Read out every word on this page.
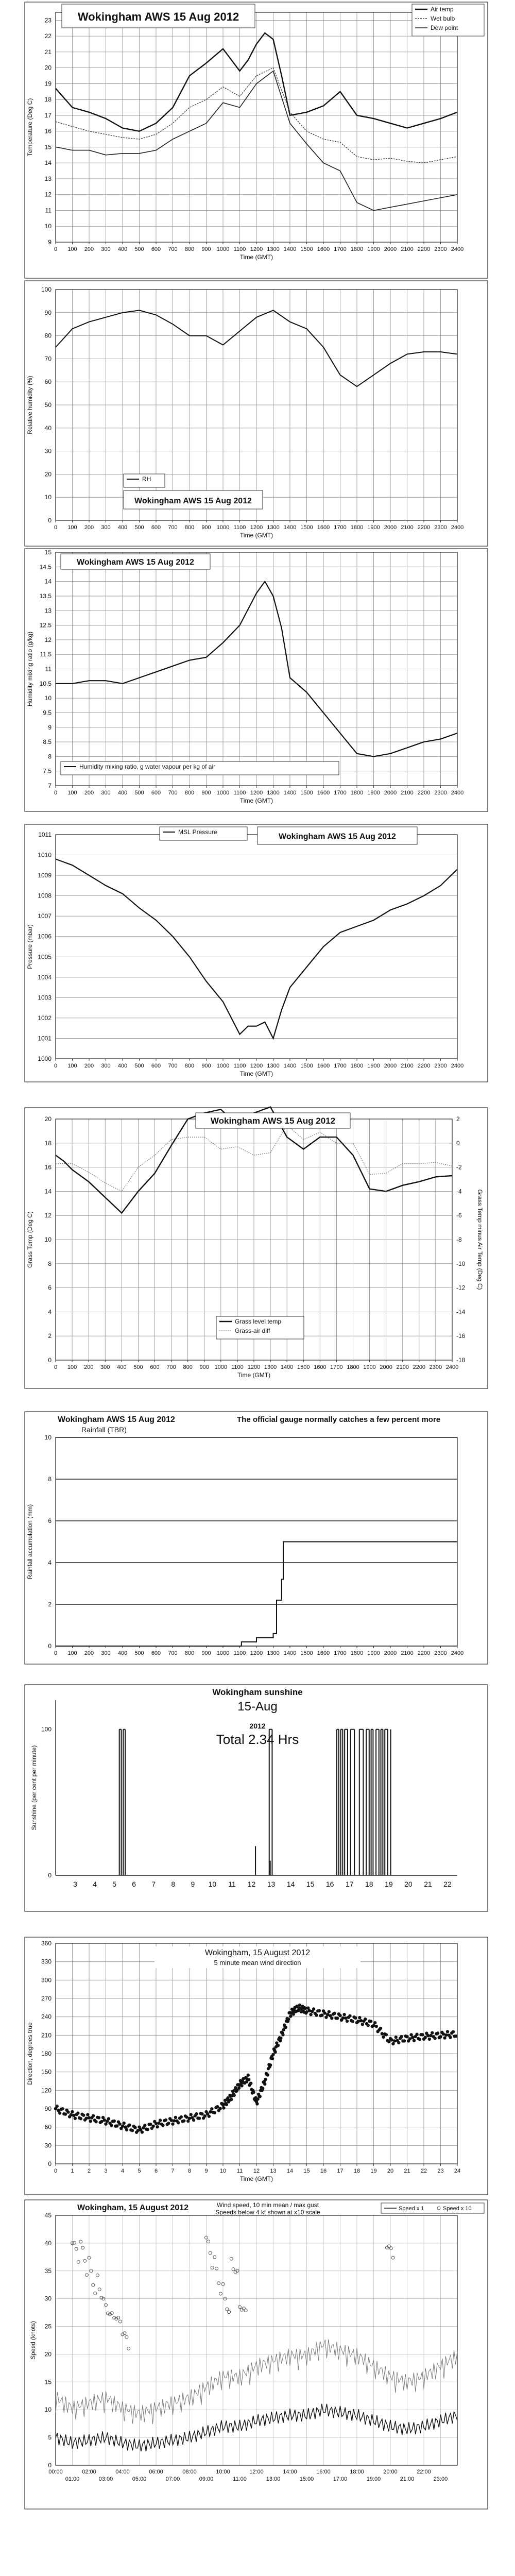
9
10
11
12
13
14
15
16
17
18
19
20
21
22
23
0 100 200 300 400 500 600 700 800 900 1000 1100 1200 1300 1400 1500 1600 1700 1800 1900 2000 2100 2200 2300 2400
Time (GMT)
Temperature (Deg C)
Wokingham AWS 15 Aug 2012
Air temp
Wet bulb
Dew point
0
10
20
30
40
50
60
70
80
90
100
0 100 200 300 400 500 600 700 800 900 1000 1100 1200 1300 1400 1500 1600 1700 1800 1900 2000 2100 2200 2300 2400
Time (GMT)
Relative humidity (%)
RH
Wokingham AWS 15 Aug 2012
7
7.5
8
8.5
9
9.5
10
10.5
11
11.5
12
12.5
13
13.5
14
14.5
15
0 100 200 300 400 500 600 700 800 900 1000 1100 1200 1300 1400 1500 1600 1700 1800 1900 2000 2100 2200 2300 2400
Time (GMT)
Humidity mixing ratio (g/kg)
Wokingham AWS 15 Aug 2012
Humidity mixing ratio, g water vapour per kg of air
1000
1001
1002
1003
1004
1005
1006
1007
1008
1009
1010
1011
0 100 200 300 400 500 600 700 800 900 1000 1100 1200 1300 1400 1500 1600 1700 1800 1900 2000 2100 2200 2300 2400
Time (GMT)
Pressure (mbar)
MSL Pressure
Wokingham AWS 15 Aug 2012
0
2
4
6
8
10
12
14
16
18
20
0 100 200 300 400 500 600 700 800 900 1000 1100 1200 1300 1400 1500 1600 1700 1800 1900 2000 2100 2200 2300 2400
Time (GMT)
Grass Temp (Deg C)
-18
-16
-14
-12
-10
-8
-6
-4
-2
0
2
Grass Temp minus Air Temp (Deg C)
Wokingham AWS 15 Aug 2012
Grass level temp
Grass-air diff
0
2
4
6
8
10
0 100 200 300 400 500 600 700 800 900 1000 1100 1200 1300 1400 1500 1600 1700 1800 1900 2000 2100 2200 2300 2400
Rainfall accumulation (mm)
Wokingham AWS 15 Aug 2012
Rainfall (TBR)
The official gauge normally catches a few percent more
0
100
3 4 5 6 7 8 9 10 11 12 13 14 15 16 17 18 19 20 21 22
Sunshine (per cent per minute)
Wokingham sunshine
15-Aug
2012
Total 2.34 Hrs
0
30
60
90
120
150
180
210
240
270
300
330
360
0 1 2 3 4 5 6 7 8 9 10 11 12 13 14 15 16 17 18 19 20 21 22 23 24
Time (GMT)
Direction, degrees true
Wokingham, 15 August 2012
5 minute mean wind direction
0
5
10
15
20
25
30
35
40
45
00:00	02:00	04:00	06:00	08:00	10:00	12:00	14:00	16:00	18:00	20:00	22:00
01:00	03:00	05:00	07:00	09:00	11:00	13:00	15:00	17:00	19:00	21:00	23:00
Speed (knots)
Wokingham, 15 August 2012	Wind speed, 10 min mean / max gust
Speeds below 4 kt shown at x10 scale	Speed x 1	Speed x 10
